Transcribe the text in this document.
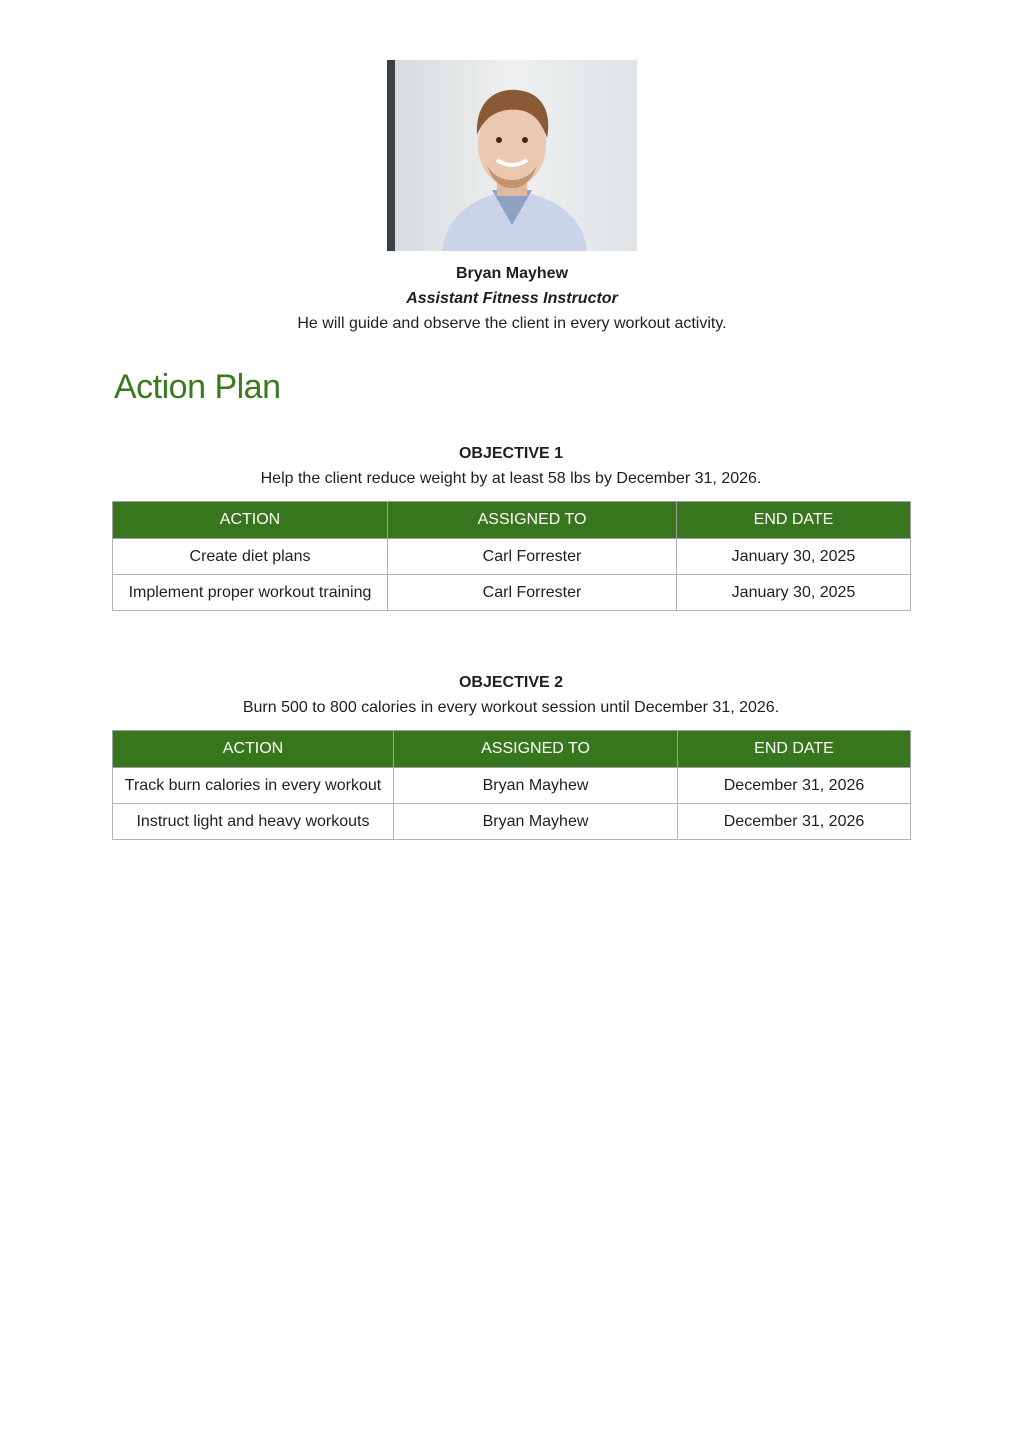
Bryan Mayhew
Assistant Fitness Instructor
He will guide and observe the client in every workout activity.
Action Plan
OBJECTIVE 1
Help the client reduce weight by at least 58 lbs by December 31, 2026.
ACTION	ASSIGNED TO	END DATE
Create diet plans	Carl Forrester	January 30, 2025
Implement proper workout training	Carl Forrester	January 30, 2025
OBJECTIVE 2
Burn 500 to 800 calories in every workout session until December 31, 2026.
ACTION	ASSIGNED TO	END DATE
Track burn calories in every workout	Bryan Mayhew	December 31, 2026
Instruct light and heavy workouts	Bryan Mayhew	December 31, 2026
